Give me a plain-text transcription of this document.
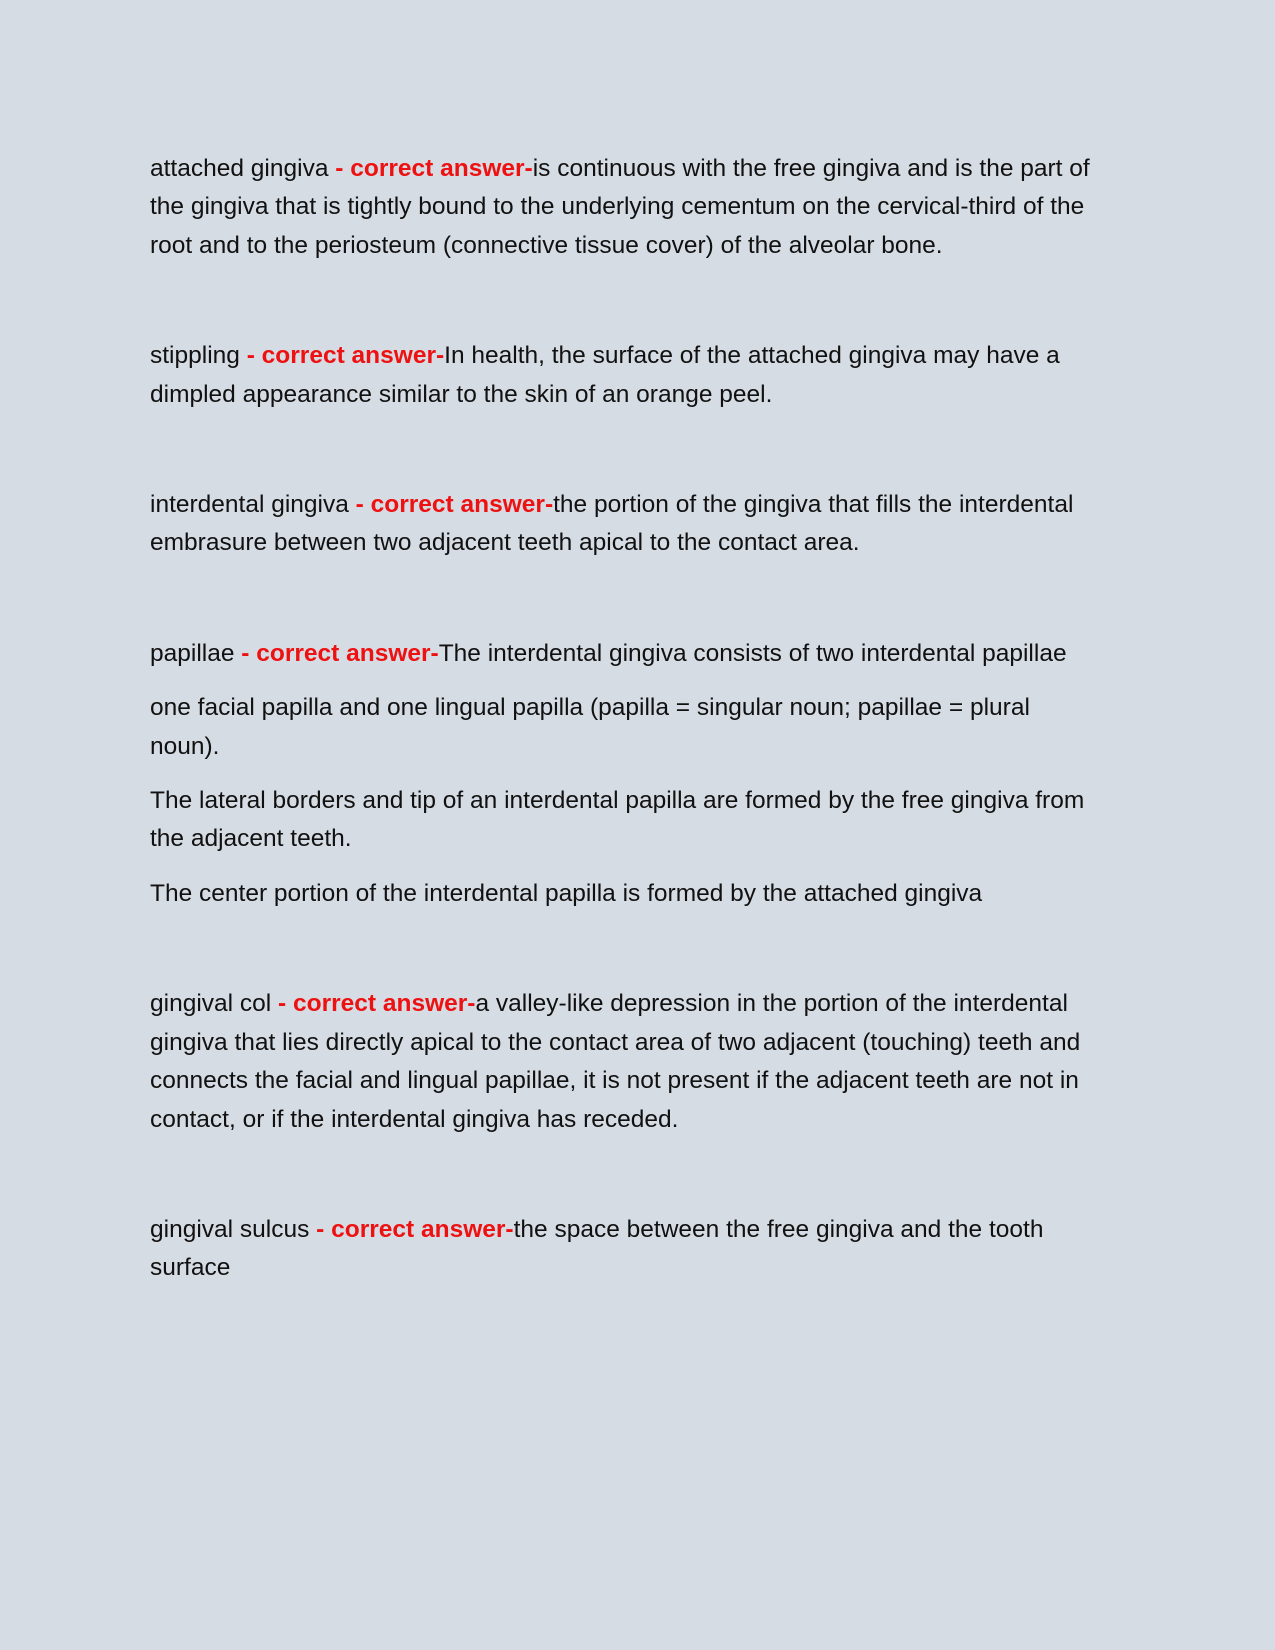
attached gingiva - correct answer-is continuous with the free gingiva and is the part of the gingiva that is tightly bound to the underlying cementum on the cervical-third of the root and to the periosteum (connective tissue cover) of the alveolar bone.

stippling - correct answer-In health, the surface of the attached gingiva may have a dimpled appearance similar to the skin of an orange peel.

interdental gingiva - correct answer-the portion of the gingiva that fills the interdental embrasure between two adjacent teeth apical to the contact area.

papillae - correct answer-The interdental gingiva consists of two interdental papillae

one facial papilla and one lingual papilla (papilla = singular noun; papillae = plural noun).

The lateral borders and tip of an interdental papilla are formed by the free gingiva from the adjacent teeth.

The center portion of the interdental papilla is formed by the attached gingiva

gingival col - correct answer-a valley-like depression in the portion of the interdental gingiva that lies directly apical to the contact area of two adjacent (touching) teeth and connects the facial and lingual papillae, it is not present if the adjacent teeth are not in contact, or if the interdental gingiva has receded.

gingival sulcus - correct answer-the space between the free gingiva and the tooth surface
